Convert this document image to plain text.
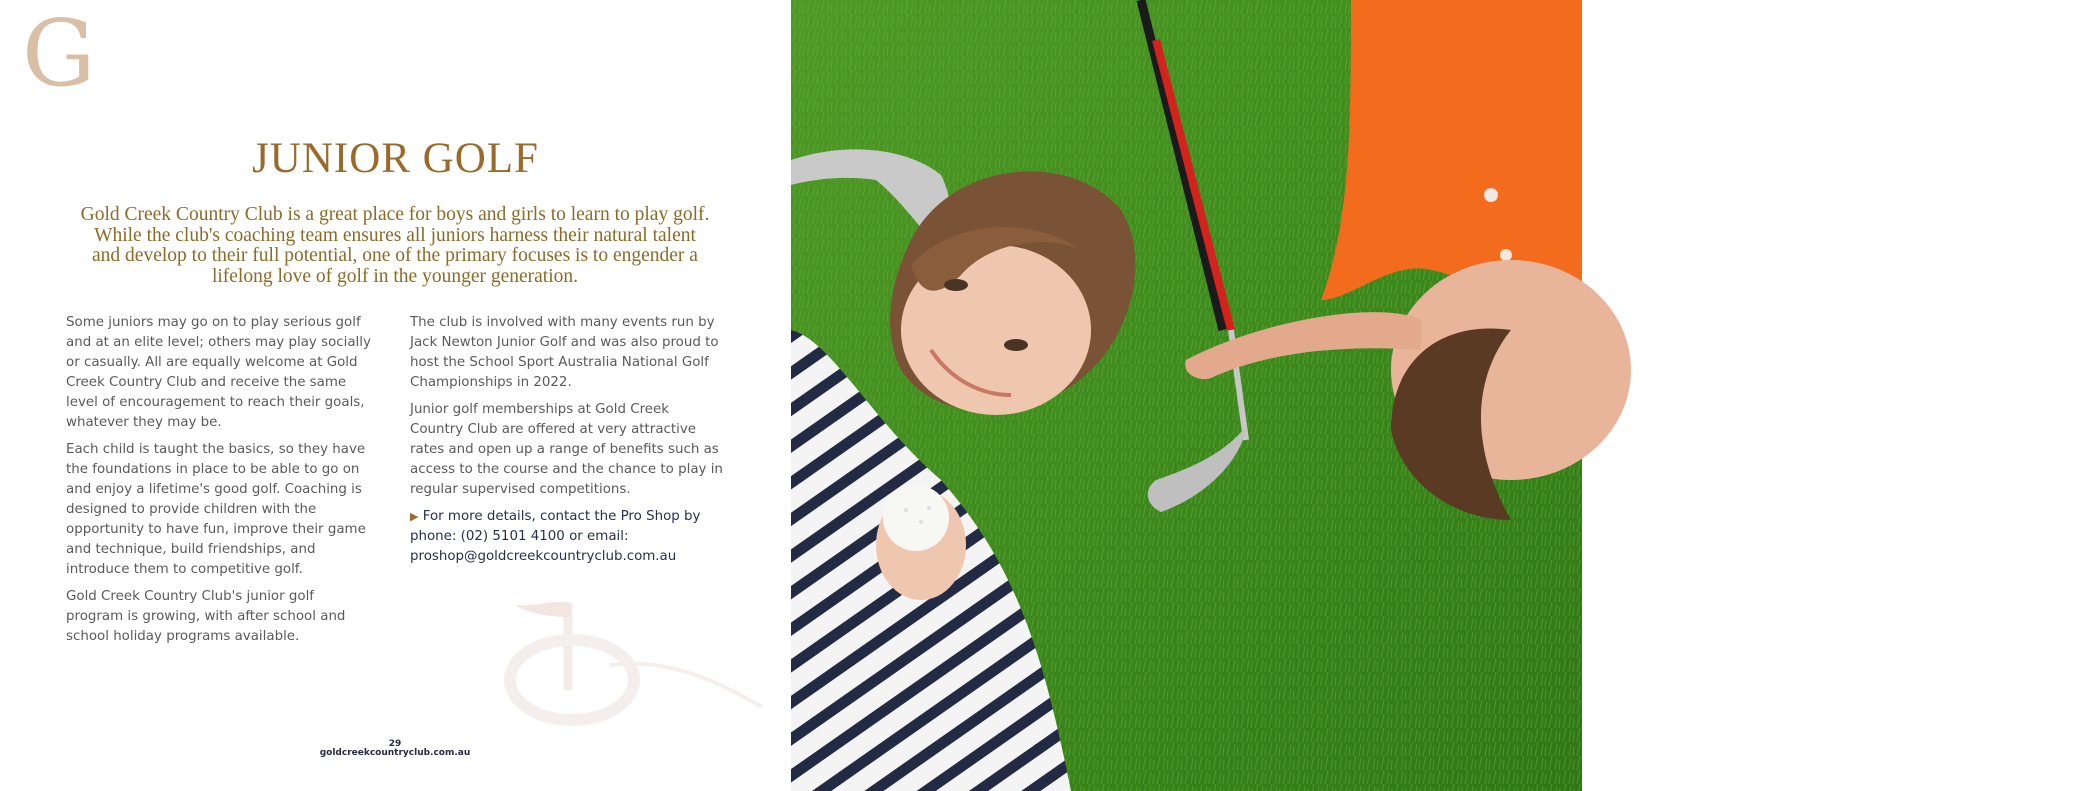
G
JUNIOR GOLF
Gold Creek Country Club is a great place for boys and girls to learn to play golf. While the club's coaching team ensures all juniors harness their natural talent and develop to their full potential, one of the primary focuses is to engender a lifelong love of golf in the younger generation.

Some juniors may go on to play serious golf and at an elite level; others may play socially or casually. All are equally welcome at Gold Creek Country Club and receive the same level of encouragement to reach their goals, whatever they may be.

Each child is taught the basics, so they have the foundations in place to be able to go on and enjoy a lifetime's good golf. Coaching is designed to provide children with the opportunity to have fun, improve their game and technique, build friendships, and introduce them to competitive golf.

Gold Creek Country Club's junior golf program is growing, with after school and school holiday programs available.

The club is involved with many events run by Jack Newton Junior Golf and was also proud to host the School Sport Australia National Golf Championships in 2022.

Junior golf memberships at Gold Creek Country Club are offered at very attractive rates and open up a range of benefits such as access to the course and the chance to play in regular supervised competitions.

▶ For more details, contact the Pro Shop by phone: (02) 5101 4100 or email: proshop@goldcreekcountryclub.com.au

29
goldcreekcountryclub.com.au
30
goldcreekcountryclub.com.au
